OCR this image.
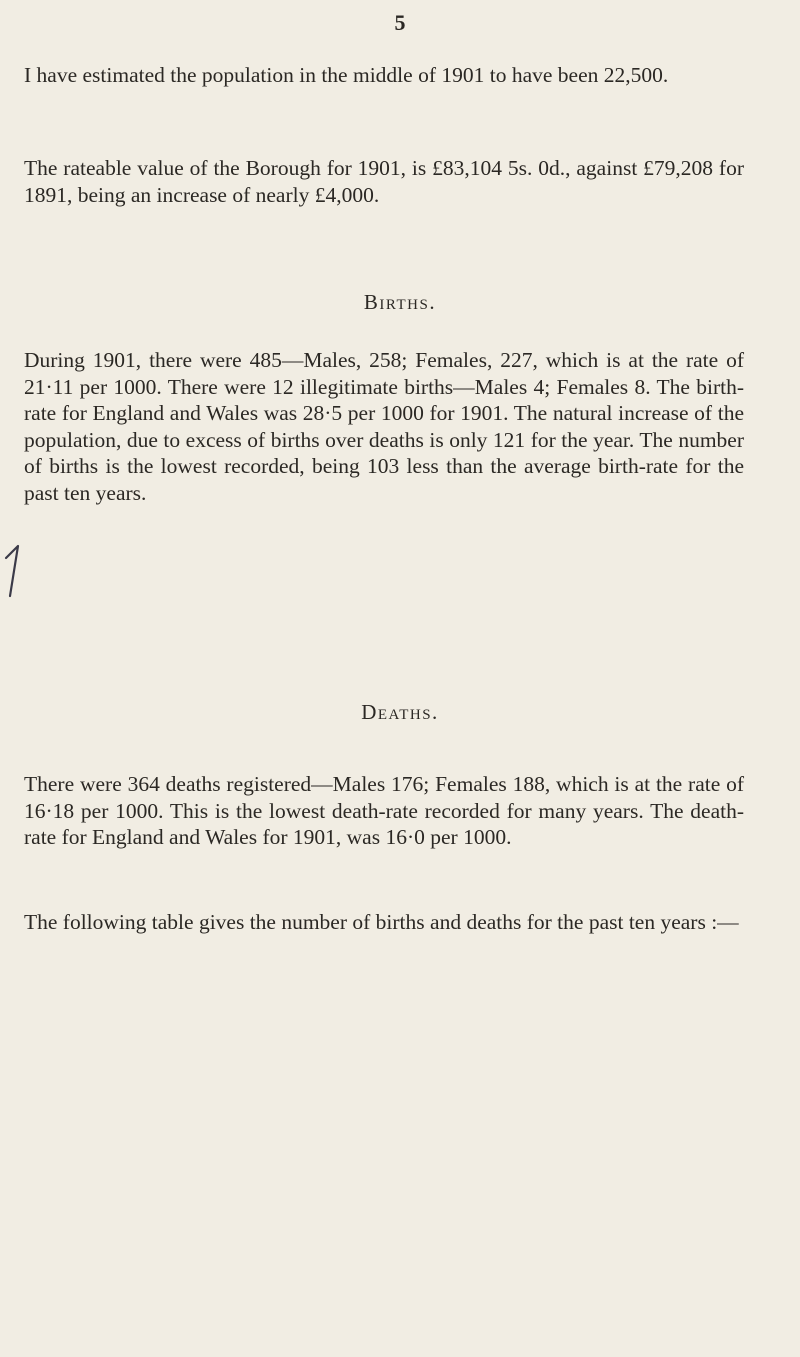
5

I have estimated the population in the middle of 1901 to have been 22,500.

The rateable value of the Borough for 1901, is £83,104 5s. 0d., against £79,208 for 1891, being an increase of nearly £4,000.

Births.

During 1901, there were 485—Males, 258; Females, 227, which is at the rate of 21·11 per 1000. There were 12 illegitimate births—Males 4; Females 8. The birth-rate for England and Wales was 28·5 per 1000 for 1901. The natural increase of the population, due to excess of births over deaths is only 121 for the year. The number of births is the lowest recorded, being 103 less than the average birth-rate for the past ten years.

Deaths.

There were 364 deaths registered—Males 176; Females 188, which is at the rate of 16·18 per 1000. This is the lowest death-rate recorded for many years. The death-rate for England and Wales for 1901, was 16·0 per 1000.

The following table gives the number of births and deaths for the past ten years :—
